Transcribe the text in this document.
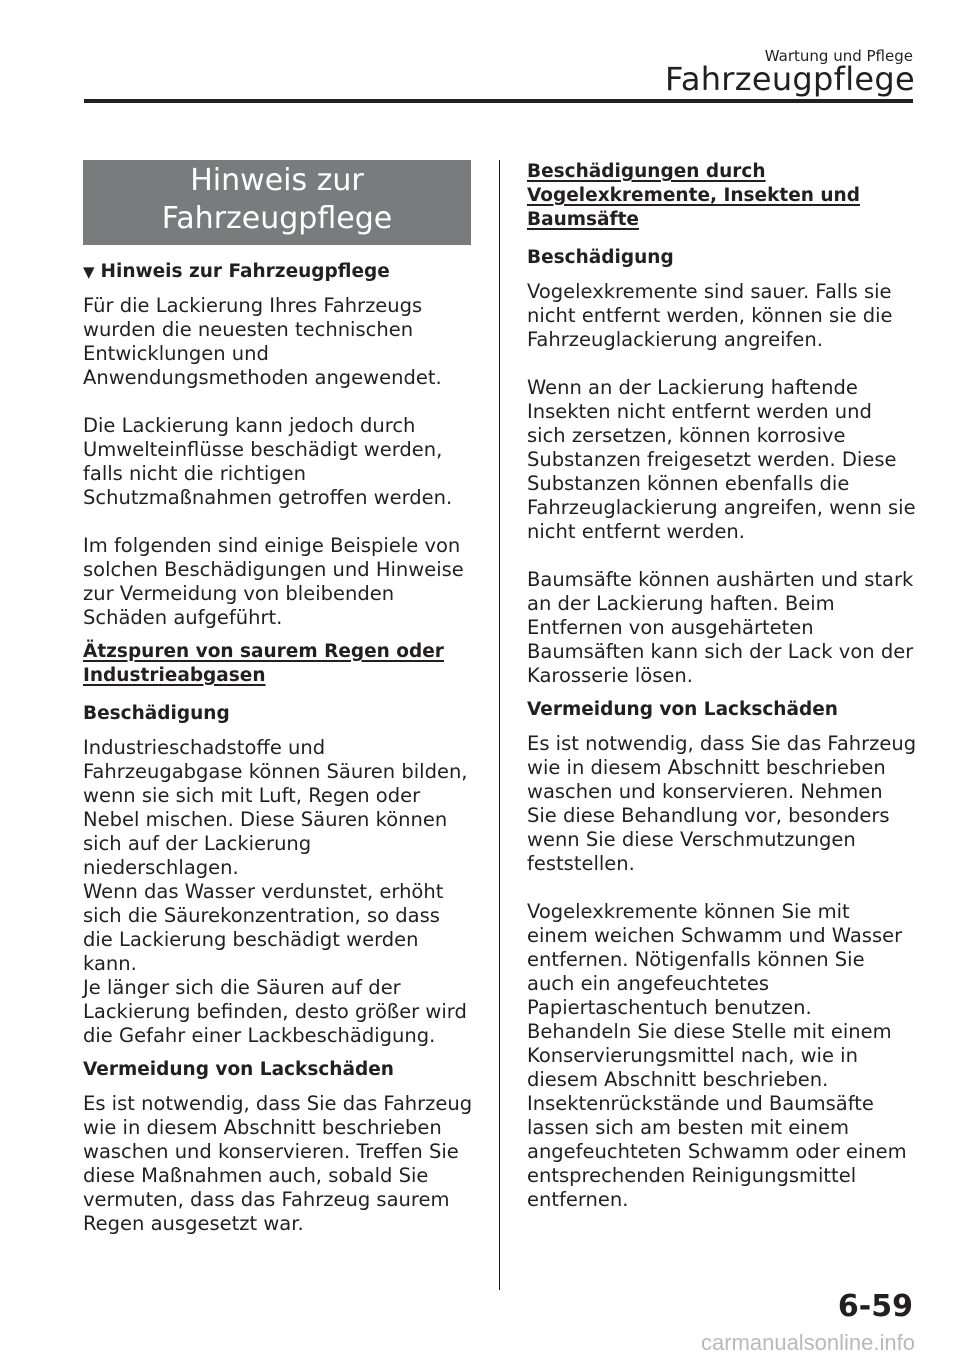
Wartung und Pflege
Fahrzeugpflege
Hinweis zur
Fahrzeugpflege
▼ Hinweis zur Fahrzeugpflege
Für die Lackierung Ihres Fahrzeugs
wurden die neuesten technischen
Entwicklungen und
Anwendungsmethoden angewendet.
Die Lackierung kann jedoch durch
Umwelteinflüsse beschädigt werden,
falls nicht die richtigen
Schutzmaßnahmen getroffen werden.
Im folgenden sind einige Beispiele von
solchen Beschädigungen und Hinweise
zur Vermeidung von bleibenden
Schäden aufgeführt.
Ätzspuren von saurem Regen oder
Industrieabgasen
Beschädigung
Industrieschadstoffe und
Fahrzeugabgase können Säuren bilden,
wenn sie sich mit Luft, Regen oder
Nebel mischen. Diese Säuren können
sich auf der Lackierung niederschlagen.
Wenn das Wasser verdunstet, erhöht
sich die Säurekonzentration, so dass
die Lackierung beschädigt werden
kann.
Je länger sich die Säuren auf der
Lackierung befinden, desto größer wird
die Gefahr einer Lackbeschädigung.
Vermeidung von Lackschäden
Es ist notwendig, dass Sie das Fahrzeug
wie in diesem Abschnitt beschrieben
waschen und konservieren. Treffen Sie
diese Maßnahmen auch, sobald Sie
vermuten, dass das Fahrzeug saurem
Regen ausgesetzt war.
Beschädigungen durch
Vogelexkremente, Insekten und
Baumsäfte
Beschädigung
Vogelexkremente sind sauer. Falls sie
nicht entfernt werden, können sie die
Fahrzeuglackierung angreifen.
Wenn an der Lackierung haftende
Insekten nicht entfernt werden und
sich zersetzen, können korrosive
Substanzen freigesetzt werden. Diese
Substanzen können ebenfalls die
Fahrzeuglackierung angreifen, wenn sie
nicht entfernt werden.
Baumsäfte können aushärten und stark
an der Lackierung haften. Beim
Entfernen von ausgehärteten
Baumsäften kann sich der Lack von der
Karosserie lösen.
Vermeidung von Lackschäden
Es ist notwendig, dass Sie das Fahrzeug
wie in diesem Abschnitt beschrieben
waschen und konservieren. Nehmen
Sie diese Behandlung vor, besonders
wenn Sie diese Verschmutzungen
feststellen.
Vogelexkremente können Sie mit
einem weichen Schwamm und Wasser
entfernen. Nötigenfalls können Sie
auch ein angefeuchtetes
Papiertaschentuch benutzen.
Behandeln Sie diese Stelle mit einem
Konservierungsmittel nach, wie in
diesem Abschnitt beschrieben.
Insektenrückstände und Baumsäfte
lassen sich am besten mit einem
angefeuchteten Schwamm oder einem
entsprechenden Reinigungsmittel
entfernen.
6-59
carmanualsonline.info
